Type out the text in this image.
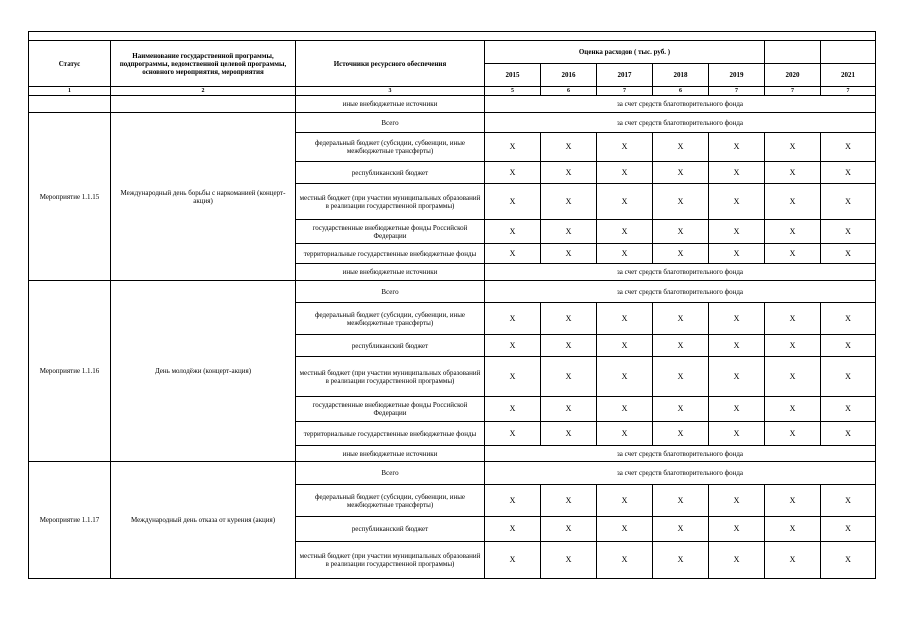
Статус	Наименование государственной программы, подпрограммы, ведомственной целевой программы, основного мероприятия, мероприятия	Источники ресурсного обеспечения	Оценка расходов ( тыс. руб. )						
			2015	2016	2017	2018	2019	2020	2021
1	2	3	5	6	7	6	7	7	7
		иные внебюджетные источники	за счет средств благотворительного фонда						
Мероприятие 1.1.15	Международный день борьбы с наркоманией (концерт-акция)	Всего	за счет средств благотворительного фонда						
		федеральный бюджет (субсидии, субвенции, иные межбюджетные трансферты)	X	X	X	X	X	X	X
		республиканский бюджет	X	X	X	X	X	X	X
		местный бюджет (при участии муниципальных образований в реализации государственной программы)	X	X	X	X	X	X	X
		государственные внебюджетные фонды Российской Федерации	X	X	X	X	X	X	X
		территориальные государственные внебюджетные фонды	X	X	X	X	X	X	X
		иные внебюджетные источники	за счет средств благотворительного фонда						
Мероприятие 1.1.16	День молодёжи (концерт-акция)	Всего	за счет средств благотворительного фонда						
		федеральный бюджет (субсидии, субвенции, иные межбюджетные трансферты)	X	X	X	X	X	X	X
		республиканский бюджет	X	X	X	X	X	X	X
		местный бюджет (при участии муниципальных образований в реализации государственной программы)	X	X	X	X	X	X	X
		государственные внебюджетные фонды Российской Федерации	X	X	X	X	X	X	X
		территориальные государственные внебюджетные фонды	X	X	X	X	X	X	X
		иные внебюджетные источники	за счет средств благотворительного фонда						
Мероприятие 1.1.17	Международный день отказа от курения (акция)	Всего	за счет средств благотворительного фонда						
		федеральный бюджет (субсидии, субвенции, иные межбюджетные трансферты)	X	X	X	X	X	X	X
		республиканский бюджет	X	X	X	X	X	X	X
		местный бюджет (при участии муниципальных образований в реализации государственной программы)	X	X	X	X	X	X	X
